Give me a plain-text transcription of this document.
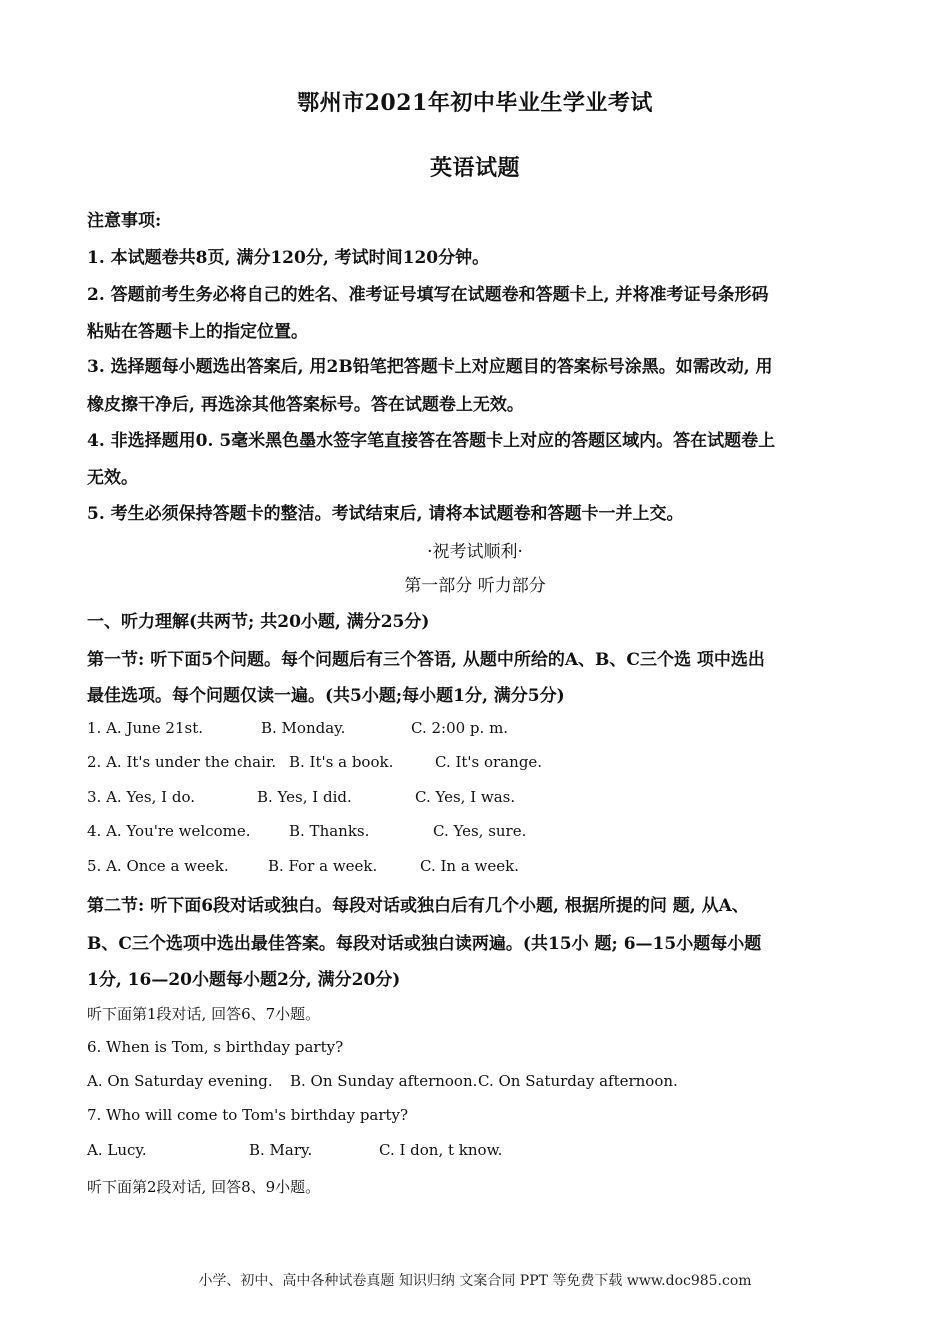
鄂州市2021年初中毕业生学业考试
英语试题
注意事项:
1. 本试题卷共8页, 满分120分, 考试时间120分钟。
2. 答题前考生务必将自己的姓名、准考证号填写在试题卷和答题卡上, 并将准考证号条形码
粘贴在答题卡上的指定位置。
3. 选择题每小题选出答案后, 用2B铅笔把答题卡上对应题目的答案标号涂黑。如需改动, 用
橡皮擦干净后, 再选涂其他答案标号。答在试题卷上无效。
4. 非选择题用0. 5毫米黑色墨水签字笔直接答在答题卡上对应的答题区域内。答在试题卷上
无效。
5. 考生必须保持答题卡的整洁。考试结束后, 请将本试题卷和答题卡一并上交。
·祝考试顺利·
第一部分 听力部分
一、听力理解(共两节; 共20小题, 满分25分)
第一节: 听下面5个问题。每个问题后有三个答语, 从题中所给的A、B、C三个选 项中选出
最佳选项。每个问题仅读一遍。(共5小题;每小题1分, 满分5分)
1. A. June 21st.	B. Monday.	C. 2:00 p. m.
2. A. It's under the chair. B. It's a book.	C. It's orange.
3. A. Yes, I do.	B. Yes, I did.	C. Yes, I was.
4. A. You're welcome.	B. Thanks.	C. Yes, sure.
5. A. Once a week.	B. For a week.	C. In a week.
第二节: 听下面6段对话或独白。每段对话或独白后有几个小题, 根据所提的问 题, 从A、
B、C三个选项中选出最佳答案。每段对话或独白读两遍。(共15小 题; 6—15小题每小题
1分, 16—20小题每小题2分, 满分20分)
听下面第1段对话, 回答6、7小题。
6. When is Tom, s birthday party?
A. On Saturday evening. B. On Sunday afternoon. C. On Saturday afternoon.
7. Who will come to Tom's birthday party?
A. Lucy.	B. Mary.	C. I don, t know.
听下面第2段对话, 回答8、9小题。
小学、初中、高中各种试卷真题 知识归纳 文案合同 PPT 等免费下载 www.doc985.com
